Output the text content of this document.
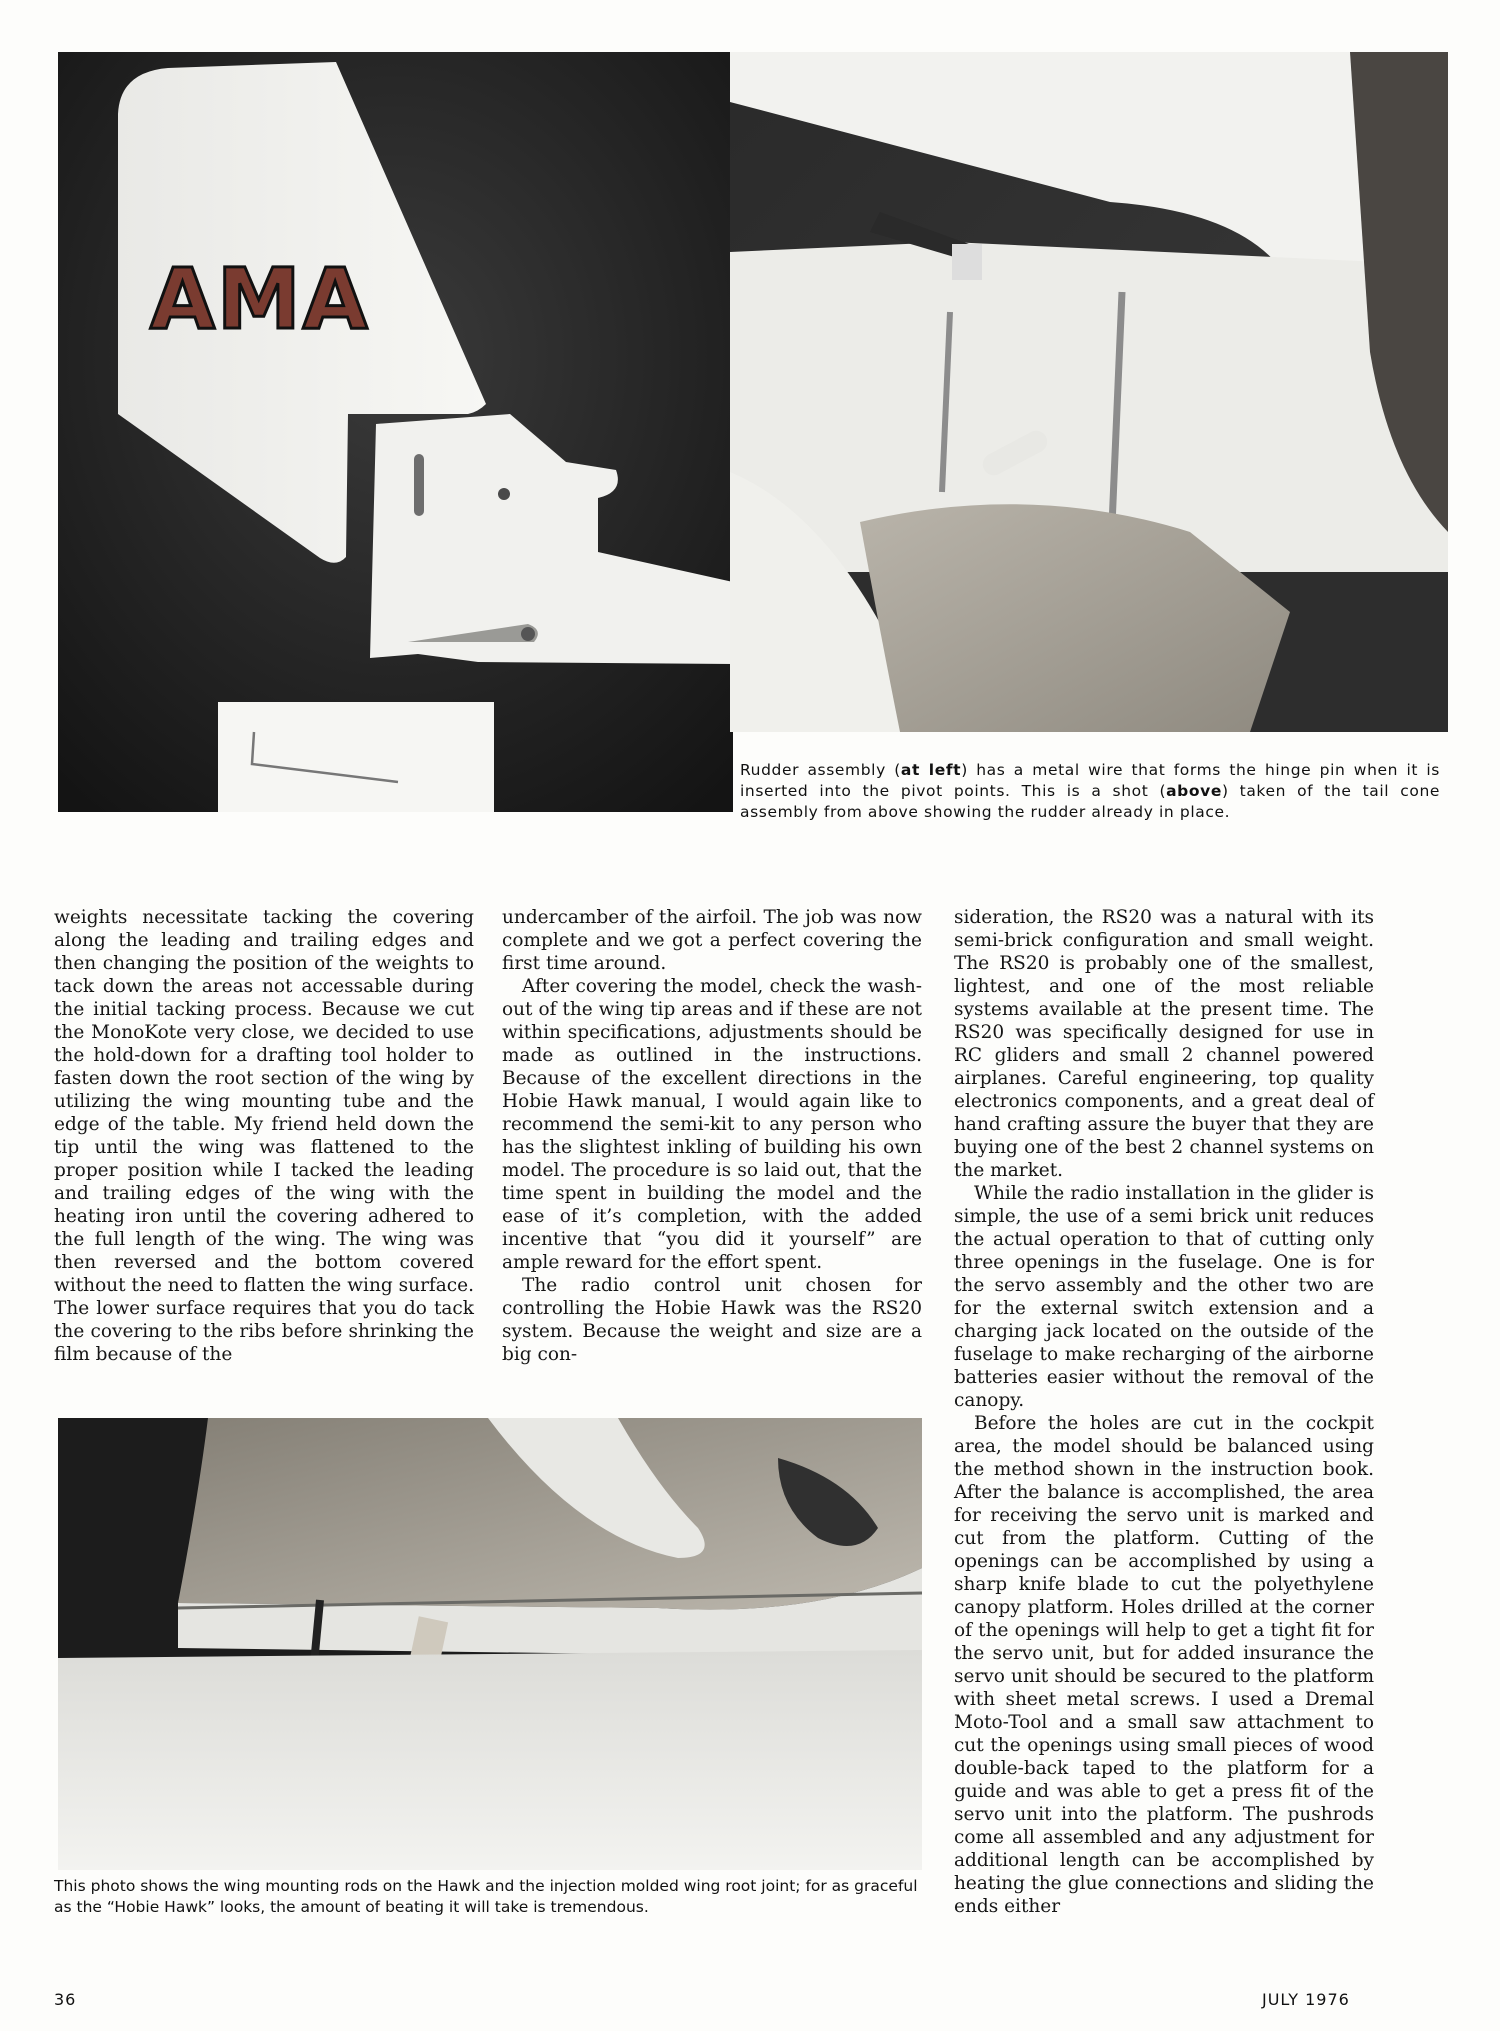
AMA
Rudder assembly (at left) has a metal wire that forms the hinge pin when it is inserted into the pivot points. This is a shot (above) taken of the tail cone assembly from above showing the rudder already in place.

weights necessitate tacking the covering along the leading and trailing edges and then changing the position of the weights to tack down the areas not accessable during the initial tacking process. Because we cut the MonoKote very close, we decided to use the hold-down for a drafting tool holder to fasten down the root section of the wing by utilizing the wing mounting tube and the edge of the table. My friend held down the tip until the wing was flattened to the proper position while I tacked the leading and trailing edges of the wing with the heating iron until the covering adhered to the full length of the wing. The wing was then reversed and the bottom covered without the need to flatten the wing surface. The lower surface requires that you do tack the covering to the ribs before shrinking the film because of the

undercamber of the airfoil. The job was now complete and we got a perfect covering the first time around.

After covering the model, check the wash-out of the wing tip areas and if these are not within specifications, adjustments should be made as outlined in the instructions. Because of the excellent directions in the Hobie Hawk manual, I would again like to recommend the semi-kit to any person who has the slightest inkling of building his own model. The procedure is so laid out, that the time spent in building the model and the ease of it’s completion, with the added incentive that “you did it yourself” are ample reward for the effort spent.

The radio control unit chosen for controlling the Hobie Hawk was the RS20 system. Because the weight and size are a big con-

sideration, the RS20 was a natural with its semi-brick configuration and small weight. The RS20 is probably one of the smallest, lightest, and one of the most reliable systems available at the present time. The RS20 was specifically designed for use in RC gliders and small 2 channel powered airplanes. Careful engineering, top quality electronics components, and a great deal of hand crafting assure the buyer that they are buying one of the best 2 channel systems on the market.

While the radio installation in the glider is simple, the use of a semi brick unit reduces the actual operation to that of cutting only three openings in the fuselage. One is for the servo assembly and the other two are for the external switch extension and a charging jack located on the outside of the fuselage to make recharging of the airborne batteries easier without the removal of the canopy.

Before the holes are cut in the cockpit area, the model should be balanced using the method shown in the instruction book. After the balance is accomplished, the area for receiving the servo unit is marked and cut from the platform. Cutting of the openings can be accomplished by using a sharp knife blade to cut the polyethylene canopy platform. Holes drilled at the corner of the openings will help to get a tight fit for the servo unit, but for added insurance the servo unit should be secured to the platform with sheet metal screws. I used a Dremal Moto-Tool and a small saw attachment to cut the openings using small pieces of wood double-back taped to the platform for a guide and was able to get a press fit of the servo unit into the platform. The pushrods come all assembled and any adjustment for additional length can be accomplished by heating the glue connections and sliding the ends either

This photo shows the wing mounting rods on the Hawk and the injection molded wing root joint; for as graceful as the “Hobie Hawk” looks, the amount of beating it will take is tremendous.
36	JULY 1976
